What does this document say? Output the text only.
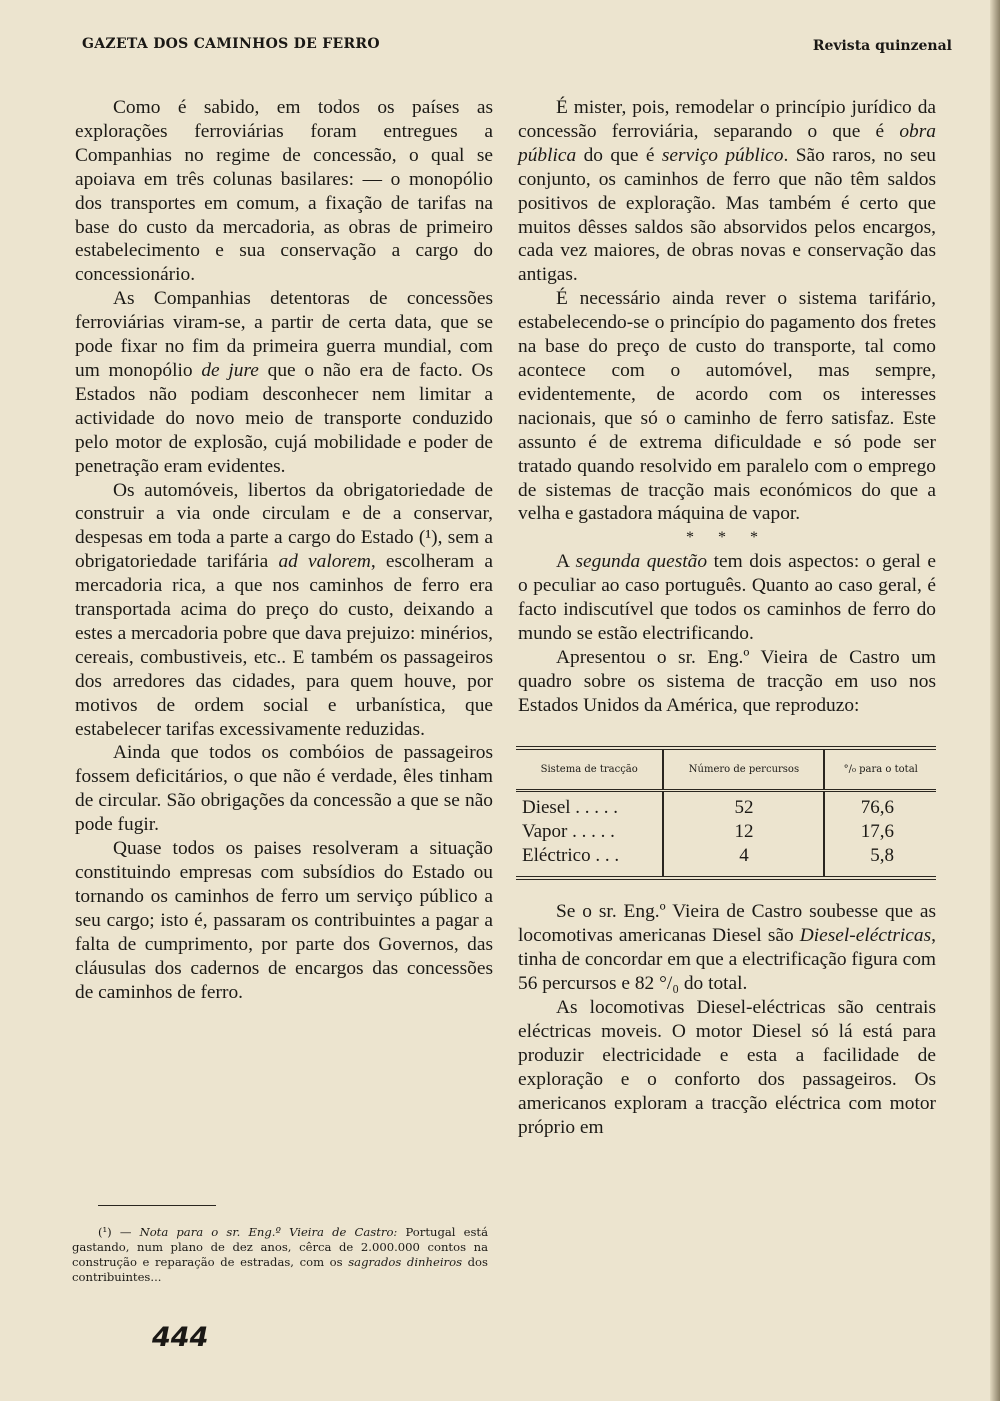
GAZETA DOS CAMINHOS DE FERRO	Revista quinzenal

Como é sabido, em todos os países as explorações ferroviárias foram entregues a Companhias no regime de concessão, o qual se apoiava em três colunas basilares: — o monopólio dos transportes em comum, a fixação de tarifas na base do custo da mercadoria, as obras de primeiro estabelecimento e sua conservação a cargo do concessionário.

As Companhias detentoras de concessões ferroviárias viram-se, a partir de certa data, que se pode fixar no fim da primeira guerra mundial, com um monopólio de jure que o não era de facto. Os Estados não podiam desconhecer nem limitar a actividade do novo meio de transporte conduzido pelo motor de explosão, cujá mobilidade e poder de penetração eram evidentes.

Os automóveis, libertos da obrigatoriedade de construir a via onde circulam e de a conservar, despesas em toda a parte a cargo do Estado (¹), sem a obrigatoriedade tarifária ad valorem, escolheram a mercadoria rica, a que nos caminhos de ferro era transportada acima do preço do custo, deixando a estes a mercadoria pobre que dava prejuizo: minérios, cereais, combustiveis, etc.. E também os passageiros dos arredores das cidades, para quem houve, por motivos de ordem social e urbanística, que estabelecer tarifas excessivamente reduzidas.

Ainda que todos os combóios de passageiros fossem deficitários, o que não é verdade, êles tinham de circular. São obrigações da concessão a que se não pode fugir.

Quase todos os paises resolveram a situação constituindo empresas com subsídios do Estado ou tornando os caminhos de ferro um serviço público a seu cargo; isto é, passaram os contribuintes a pagar a falta de cumprimento, por parte dos Governos, das cláusulas dos cadernos de encargos das concessões de caminhos de ferro.

(¹) — Nota para o sr. Eng.º Vieira de Castro: Portugal está gastando, num plano de dez anos, cêrca de 2.000.000 contos na construção e reparação de estradas, com os sagrados dinheiros dos contribuintes...
444

É mister, pois, remodelar o princípio jurídico da concessão ferroviária, separando o que é obra pública do que é serviço público. São raros, no seu conjunto, os caminhos de ferro que não têm saldos positivos de exploração. Mas também é certo que muitos dêsses saldos são absorvidos pelos encargos, cada vez maiores, de obras novas e conservação das antigas.

É necessário ainda rever o sistema tarifário, estabelecendo-se o princípio do pagamento dos fretes na base do preço de custo do transporte, tal como acontece com o automóvel, mas sempre, evidentemente, de acordo com os interesses nacionais, que só o caminho de ferro satisfaz. Este assunto é de extrema dificuldade e só pode ser tratado quando resolvido em paralelo com o emprego de sistemas de tracção mais económicos do que a velha e gastadora máquina de vapor.

* * *

A segunda questão tem dois aspectos: o geral e o peculiar ao caso português. Quanto ao caso geral, é facto indiscutível que todos os caminhos de ferro do mundo se estão electrificando.

Apresentou o sr. Eng.º Vieira de Castro um quadro sobre os sistema de tracção em uso nos Estados Unidos da América, que reproduzo:

Sistema de tracção	Número de percursos	°/₀ para o total
Diesel . . . . .	52	76,6
Vapor . . . . .	12	17,6
Eléctrico . . .	4	5,8

Se o sr. Eng.º Vieira de Castro soubesse que as locomotivas americanas Diesel são Diesel-eléctricas, tinha de concordar em que a electrificação figura com 56 percursos e 82 °/₀ do total.

As locomotivas Diesel-eléctricas são centrais eléctricas moveis. O motor Diesel só lá está para produzir electricidade e esta a facilidade de exploração e o conforto dos passageiros. Os americanos exploram a tracção eléctrica com motor próprio em
